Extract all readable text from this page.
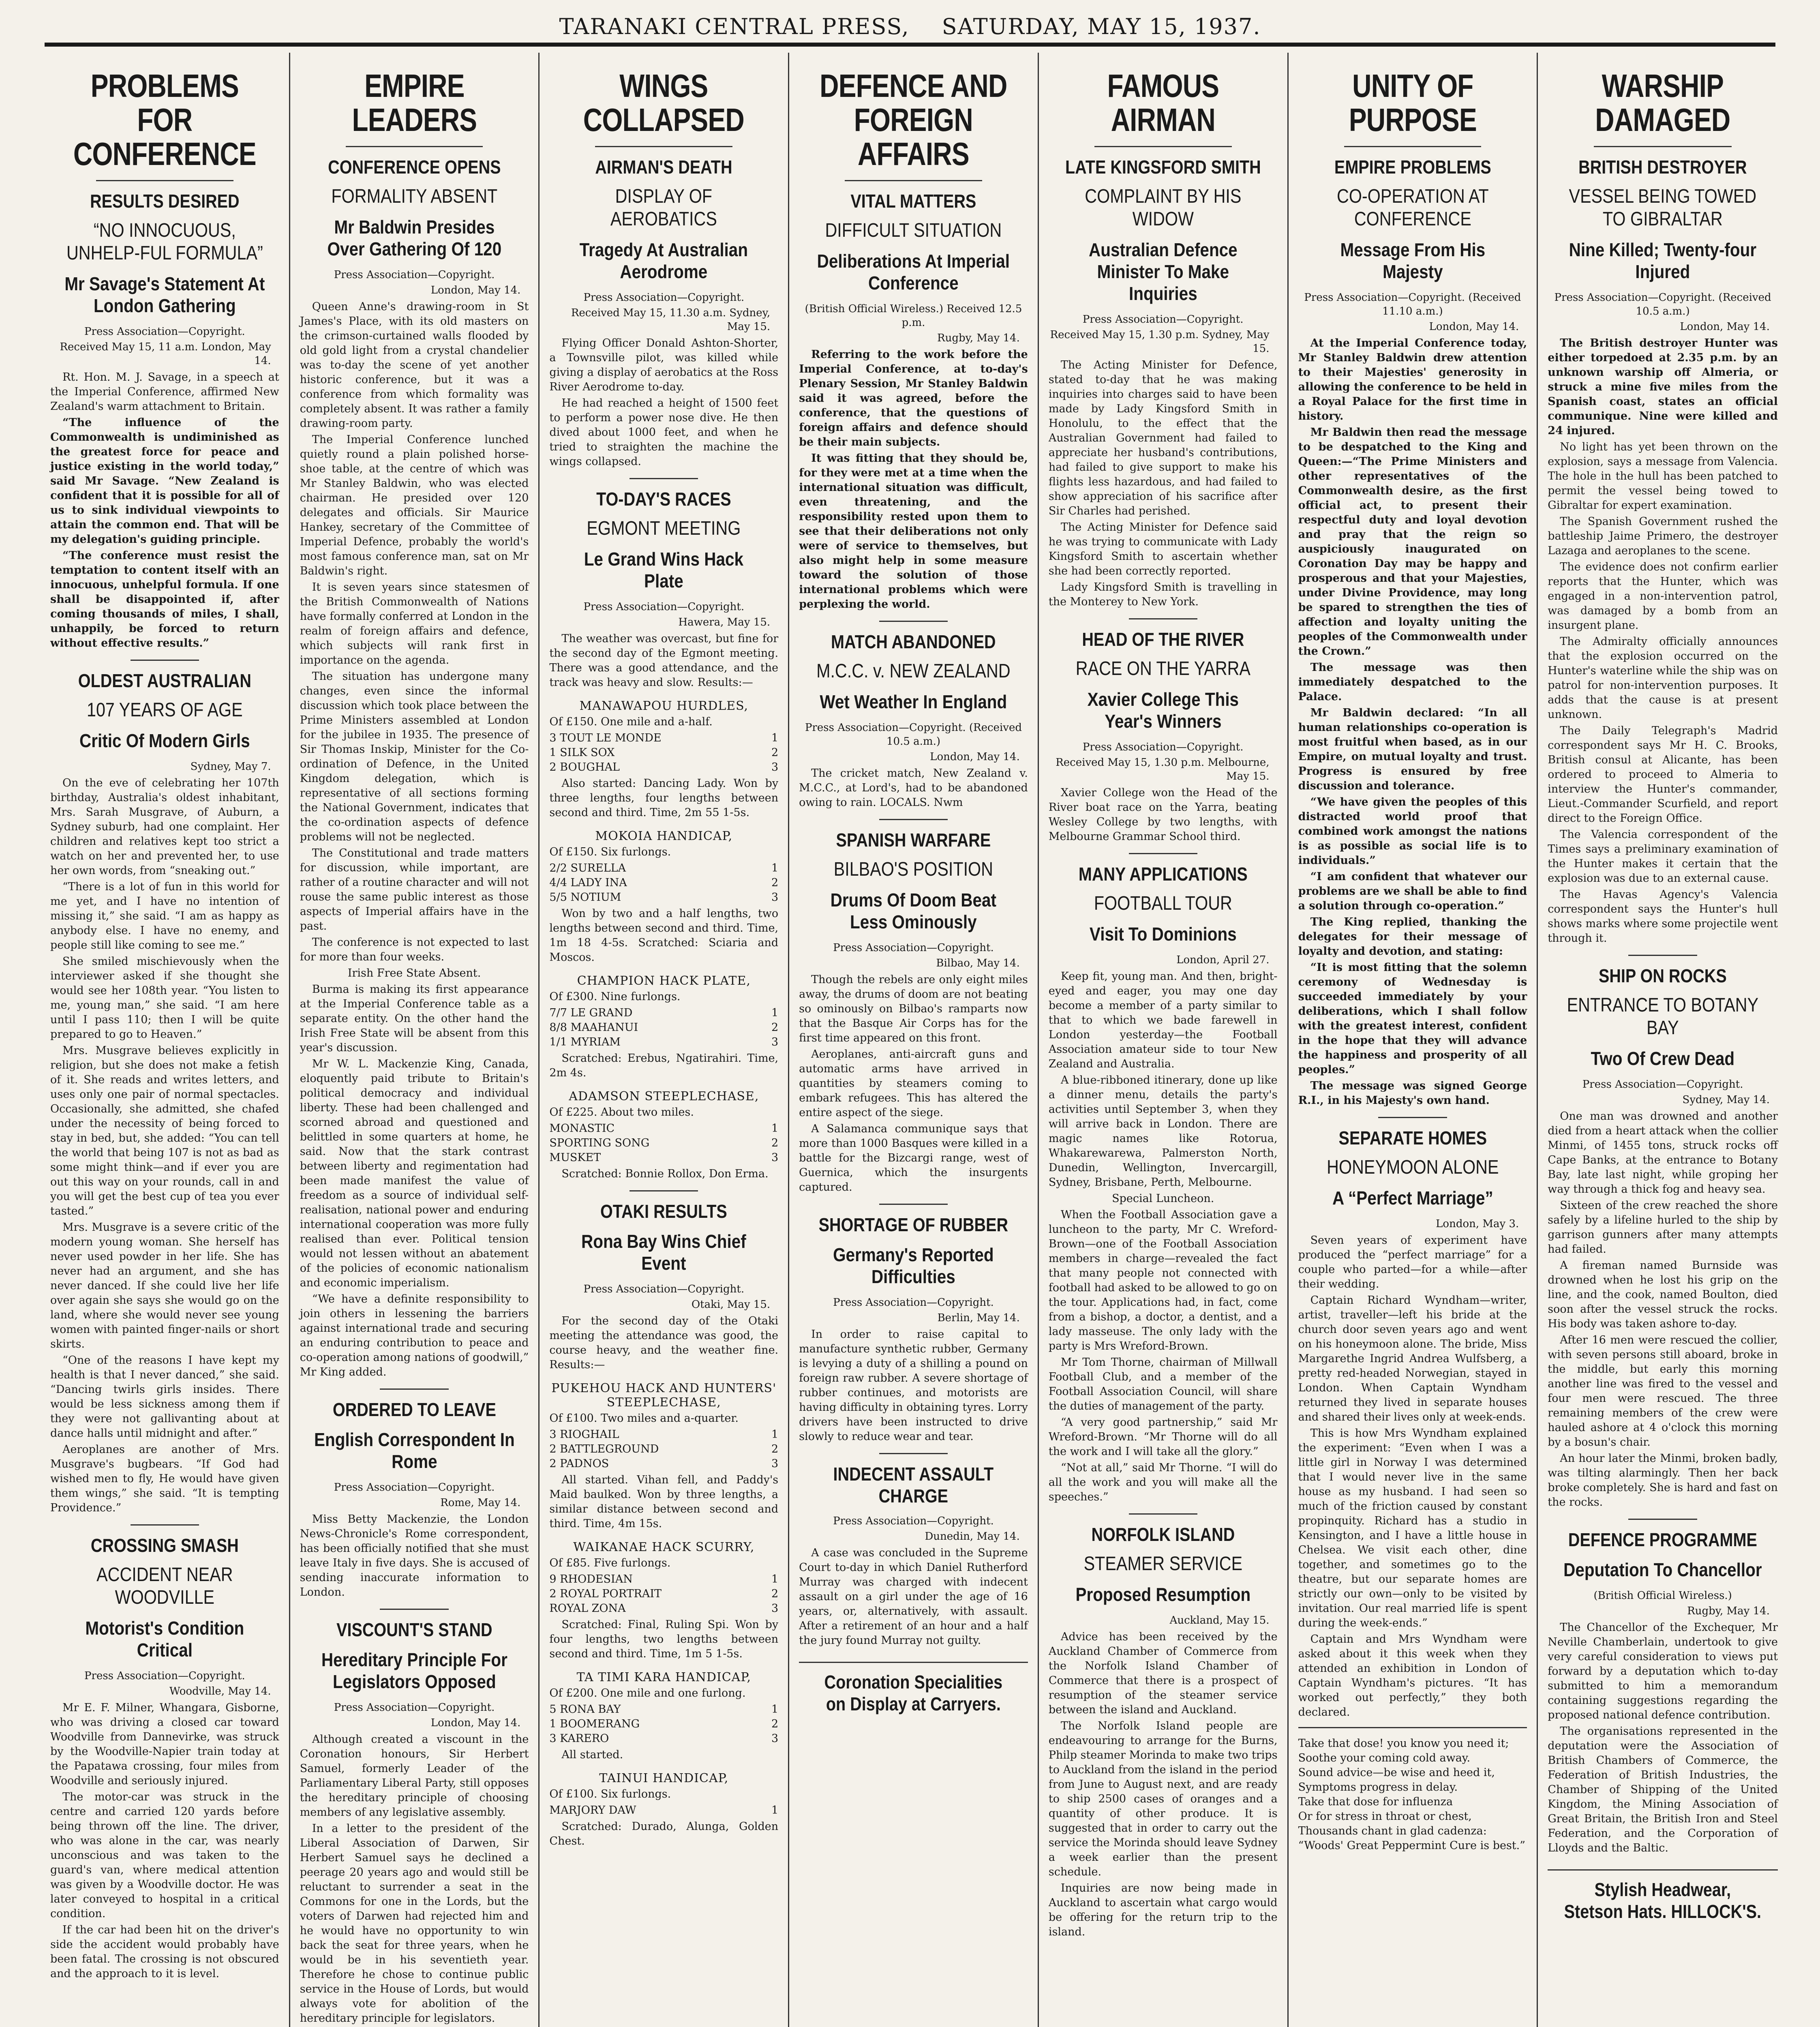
TARANAKI CENTRAL PRESS, SATURDAY, MAY 15, 1937.
PROBLEMS FOR CONFERENCE
RESULTS DESIRED
“NO INNOCUOUS, UNHELP-FUL FORMULA”
Mr Savage's Statement At London Gathering
Press Association—Copyright.
Received May 15, 11 a.m. London, May 14.

Rt. Hon. M. J. Savage, in a speech at the Imperial Conference, affirmed New Zealand's warm attachment to Britain.

“The influence of the Commonwealth is undiminished as the greatest force for peace and justice existing in the world today,” said Mr Savage. “New Zealand is confident that it is possible for all of us to sink individual viewpoints to attain the common end. That will be my delegation's guiding principle.

“The conference must resist the temptation to content itself with an innocuous, unhelpful formula. If one shall be disappointed if, after coming thousands of miles, I shall, unhappily, be forced to return without effective results.”

OLDEST AUSTRALIAN
107 YEARS OF AGE
Critic Of Modern Girls
Sydney, May 7.

On the eve of celebrating her 107th birthday, Australia's oldest inhabitant, Mrs. Sarah Musgrave, of Auburn, a Sydney suburb, had one complaint. Her children and relatives kept too strict a watch on her and prevented her, to use her own words, from “sneaking out.”

“There is a lot of fun in this world for me yet, and I have no intention of missing it,” she said. “I am as happy as anybody else. I have no enemy, and people still like coming to see me.”

She smiled mischievously when the interviewer asked if she thought she would see her 108th year. “You listen to me, young man,” she said. “I am here until I pass 110; then I will be quite prepared to go to Heaven.”

Mrs. Musgrave believes explicitly in religion, but she does not make a fetish of it. She reads and writes letters, and uses only one pair of normal spectacles. Occasionally, she admitted, she chafed under the necessity of being forced to stay in bed, but, she added: “You can tell the world that being 107 is not as bad as some might think—and if ever you are out this way on your rounds, call in and you will get the best cup of tea you ever tasted.”

Mrs. Musgrave is a severe critic of the modern young woman. She herself has never used powder in her life. She has never had an argument, and she has never danced. If she could live her life over again she says she would go on the land, where she would never see young women with painted finger-nails or short skirts.

“One of the reasons I have kept my health is that I never danced,” she said. “Dancing twirls girls insides. There would be less sickness among them if they were not gallivanting about at dance halls until midnight and after.”

Aeroplanes are another of Mrs. Musgrave's bugbears. “If God had wished men to fly, He would have given them wings,” she said. “It is tempting Providence.”

CROSSING SMASH
ACCIDENT NEAR WOODVILLE
Motorist's Condition Critical
Press Association—Copyright.
Woodville, May 14.

Mr E. F. Milner, Whangara, Gisborne, who was driving a closed car toward Woodville from Dannevirke, was struck by the Woodville-Napier train today at the Papatawa crossing, four miles from Woodville and seriously injured.

The motor-car was struck in the centre and carried 120 yards before being thrown off the line. The driver, who was alone in the car, was nearly unconscious and was taken to the guard's van, where medical attention was given by a Woodville doctor. He was later conveyed to hospital in a critical condition.

If the car had been hit on the driver's side the accident would probably have been fatal. The crossing is not obscured and the approach to it is level.

EMPIRE LEADERS
CONFERENCE OPENS
FORMALITY ABSENT
Mr Baldwin Presides Over Gathering Of 120
Press Association—Copyright.
London, May 14.

Queen Anne's drawing-room in St James's Place, with its old masters on the crimson-curtained walls flooded by old gold light from a crystal chandelier was to-day the scene of yet another historic conference, but it was a conference from which formality was completely absent. It was rather a family drawing-room party.

The Imperial Conference lunched quietly round a plain polished horse-shoe table, at the centre of which was Mr Stanley Baldwin, who was elected chairman. He presided over 120 delegates and officials. Sir Maurice Hankey, secretary of the Committee of Imperial Defence, probably the world's most famous conference man, sat on Mr Baldwin's right.

It is seven years since statesmen of the British Commonwealth of Nations have formally conferred at London in the realm of foreign affairs and defence, which subjects will rank first in importance on the agenda.

The situation has undergone many changes, even since the informal discussion which took place between the Prime Ministers assembled at London for the jubilee in 1935. The presence of Sir Thomas Inskip, Minister for the Co-ordination of Defence, in the United Kingdom delegation, which is representative of all sections forming the National Government, indicates that the co-ordination aspects of defence problems will not be neglected.

The Constitutional and trade matters for discussion, while important, are rather of a routine character and will not rouse the same public interest as those aspects of Imperial affairs have in the past.

The conference is not expected to last for more than four weeks.

Irish Free State Absent.

Burma is making its first appearance at the Imperial Conference table as a separate entity. On the other hand the Irish Free State will be absent from this year's discussion.

Mr W. L. Mackenzie King, Canada, eloquently paid tribute to Britain's political democracy and individual liberty. These had been challenged and scorned abroad and questioned and belittled in some quarters at home, he said. Now that the stark contrast between liberty and regimentation had been made manifest the value of freedom as a source of individual self-realisation, national power and enduring international cooperation was more fully realised than ever. Political tension would not lessen without an abatement of the policies of economic nationalism and economic imperialism.

“We have a definite responsibility to join others in lessening the barriers against international trade and securing an enduring contribution to peace and co-operation among nations of goodwill,” Mr King added.

ORDERED TO LEAVE
English Correspondent In Rome
Press Association—Copyright.
Rome, May 14.

Miss Betty Mackenzie, the London News-Chronicle's Rome correspondent, has been officially notified that she must leave Italy in five days. She is accused of sending inaccurate information to London.

VISCOUNT'S STAND
Hereditary Principle For Legislators Opposed
Press Association—Copyright.
London, May 14.

Although created a viscount in the Coronation honours, Sir Herbert Samuel, formerly Leader of the Parliamentary Liberal Party, still opposes the hereditary principle of choosing members of any legislative assembly.

In a letter to the president of the Liberal Association of Darwen, Sir Herbert Samuel says he declined a peerage 20 years ago and would still be reluctant to surrender a seat in the Commons for one in the Lords, but the voters of Darwen had rejected him and he would have no opportunity to win back the seat for three years, when he would be in his seventieth year. Therefore he chose to continue public service in the House of Lords, but would always vote for abolition of the hereditary principle for legislators.

WINGS COLLAPSED
AIRMAN'S DEATH
DISPLAY OF AEROBATICS
Tragedy At Australian Aerodrome
Press Association—Copyright.
Received May 15, 11.30 a.m. Sydney, May 15.

Flying Officer Donald Ashton-Shorter, a Townsville pilot, was killed while giving a display of aerobatics at the Ross River Aerodrome to-day.

He had reached a height of 1500 feet to perform a power nose dive. He then dived about 1000 feet, and when he tried to straighten the machine the wings collapsed.

TO-DAY'S RACES
EGMONT MEETING
Le Grand Wins Hack Plate
Press Association—Copyright.
Hawera, May 15.

The weather was overcast, but fine for the second day of the Egmont meeting. There was a good attendance, and the track was heavy and slow. Results:—

MANAWAPOU HURDLES,

Of £150. One mile and a-half.

3 TOUT LE MONDE	1
1 SILK SOX	2
2 BOUGHAL	3

Also started: Dancing Lady. Won by three lengths, four lengths between second and third. Time, 2m 55 1-5s.

MOKOIA HANDICAP,

Of £150. Six furlongs.

2/2 SURELLA	1
4/4 LADY INA	2
5/5 NOTIUM	3

Won by two and a half lengths, two lengths between second and third. Time, 1m 18 4-5s. Scratched: Sciaria and Moscos.

CHAMPION HACK PLATE,

Of £300. Nine furlongs.

7/7 LE GRAND	1
8/8 MAAHANUI	2
1/1 MYRIAM	3

Scratched: Erebus, Ngatirahiri. Time, 2m 4s.

ADAMSON STEEPLECHASE,

Of £225. About two miles.

MONASTIC	1
SPORTING SONG	2
MUSKET	3

Scratched: Bonnie Rollox, Don Erma.

OTAKI RESULTS
Rona Bay Wins Chief Event
Press Association—Copyright.
Otaki, May 15.

For the second day of the Otaki meeting the attendance was good, the course heavy, and the weather fine. Results:—

PUKEHOU HACK AND HUNTERS' STEEPLECHASE,

Of £100. Two miles and a-quarter.

3 RIOGHAIL	1
2 BATTLEGROUND	2
2 PADNOS	3

All started. Vihan fell, and Paddy's Maid baulked. Won by three lengths, a similar distance between second and third. Time, 4m 15s.

WAIKANAE HACK SCURRY,

Of £85. Five furlongs.

9 RHODESIAN	1
2 ROYAL PORTRAIT	2
ROYAL ZONA	3

Scratched: Final, Ruling Spi. Won by four lengths, two lengths between second and third. Time, 1m 5 1-5s.

TA TIMI KARA HANDICAP,

Of £200. One mile and one furlong.

5 RONA BAY	1
1 BOOMERANG	2
3 KARERO	3

All started.

TAINUI HANDICAP,

Of £100. Six furlongs.

MARJORY DAW	1

Scratched: Durado, Alunga, Golden Chest.

DEFENCE AND FOREIGN AFFAIRS
VITAL MATTERS
DIFFICULT SITUATION
Deliberations At Imperial Conference
(British Official Wireless.) Received 12.5 p.m.
Rugby, May 14.

Referring to the work before the Imperial Conference, at to-day's Plenary Session, Mr Stanley Baldwin said it was agreed, before the conference, that the questions of foreign affairs and defence should be their main subjects.

It was fitting that they should be, for they were met at a time when the international situation was difficult, even threatening, and the responsibility rested upon them to see that their deliberations not only were of service to themselves, but also might help in some measure toward the solution of those international problems which were perplexing the world.

MATCH ABANDONED
M.C.C. v. NEW ZEALAND
Wet Weather In England
Press Association—Copyright. (Received 10.5 a.m.)
London, May 14.

The cricket match, New Zealand v. M.C.C., at Lord's, had to be abandoned owing to rain. LOCALS. Nwm

SPANISH WARFARE
BILBAO'S POSITION
Drums Of Doom Beat Less Ominously
Press Association—Copyright.
Bilbao, May 14.

Though the rebels are only eight miles away, the drums of doom are not beating so ominously on Bilbao's ramparts now that the Basque Air Corps has for the first time appeared on this front.

Aeroplanes, anti-aircraft guns and automatic arms have arrived in quantities by steamers coming to embark refugees. This has altered the entire aspect of the siege.

A Salamanca communique says that more than 1000 Basques were killed in a battle for the Bizcargi range, west of Guernica, which the insurgents captured.

SHORTAGE OF RUBBER
Germany's Reported Difficulties
Press Association—Copyright.
Berlin, May 14.

In order to raise capital to manufacture synthetic rubber, Germany is levying a duty of a shilling a pound on foreign raw rubber. A severe shortage of rubber continues, and motorists are having difficulty in obtaining tyres. Lorry drivers have been instructed to drive slowly to reduce wear and tear.

INDECENT ASSAULT CHARGE
Press Association—Copyright.
Dunedin, May 14.

A case was concluded in the Supreme Court to-day in which Daniel Rutherford Murray was charged with indecent assault on a girl under the age of 16 years, or, alternatively, with assault. After a retirement of an hour and a half the jury found Murray not guilty.

Coronation Specialities on Display at Carryers.
FAMOUS AIRMAN
LATE KINGSFORD SMITH
COMPLAINT BY HIS WIDOW
Australian Defence Minister To Make Inquiries
Press Association—Copyright.
Received May 15, 1.30 p.m. Sydney, May 15.

The Acting Minister for Defence, stated to-day that he was making inquiries into charges said to have been made by Lady Kingsford Smith in Honolulu, to the effect that the Australian Government had failed to appreciate her husband's contributions, had failed to give support to make his flights less hazardous, and had failed to show appreciation of his sacrifice after Sir Charles had perished.

The Acting Minister for Defence said he was trying to communicate with Lady Kingsford Smith to ascertain whether she had been correctly reported.

Lady Kingsford Smith is travelling in the Monterey to New York.

HEAD OF THE RIVER
RACE ON THE YARRA
Xavier College This Year's Winners
Press Association—Copyright.
Received May 15, 1.30 p.m. Melbourne, May 15.

Xavier College won the Head of the River boat race on the Yarra, beating Wesley College by two lengths, with Melbourne Grammar School third.

MANY APPLICATIONS
FOOTBALL TOUR
Visit To Dominions
London, April 27.

Keep fit, young man. And then, bright-eyed and eager, you may one day become a member of a party similar to that to which we bade farewell in London yesterday—the Football Association amateur side to tour New Zealand and Australia.

A blue-ribboned itinerary, done up like a dinner menu, details the party's activities until September 3, when they will arrive back in London. There are magic names like Rotorua, Whakarewarewa, Palmerston North, Dunedin, Wellington, Invercargill, Sydney, Brisbane, Perth, Melbourne.

Special Luncheon.

When the Football Association gave a luncheon to the party, Mr C. Wreford-Brown—one of the Football Association members in charge—revealed the fact that many people not connected with football had asked to be allowed to go on the tour. Applications had, in fact, come from a bishop, a doctor, a dentist, and a lady masseuse. The only lady with the party is Mrs Wreford-Brown.

Mr Tom Thorne, chairman of Millwall Football Club, and a member of the Football Association Council, will share the duties of management of the party.

“A very good partnership,” said Mr Wreford-Brown. “Mr Thorne will do all the work and I will take all the glory.”

“Not at all,” said Mr Thorne. “I will do all the work and you will make all the speeches.”

NORFOLK ISLAND
STEAMER SERVICE
Proposed Resumption
Auckland, May 15.

Advice has been received by the Auckland Chamber of Commerce from the Norfolk Island Chamber of Commerce that there is a prospect of resumption of the steamer service between the island and Auckland.

The Norfolk Island people are endeavouring to arrange for the Burns, Philp steamer Morinda to make two trips to Auckland from the island in the period from June to August next, and are ready to ship 2500 cases of oranges and a quantity of other produce. It is suggested that in order to carry out the service the Morinda should leave Sydney a week earlier than the present schedule.

Inquiries are now being made in Auckland to ascertain what cargo would be offering for the return trip to the island.

UNITY OF PURPOSE
EMPIRE PROBLEMS
CO-OPERATION AT CONFERENCE
Message From His Majesty
Press Association—Copyright. (Received 11.10 a.m.)
London, May 14.

At the Imperial Conference today, Mr Stanley Baldwin drew attention to their Majesties' generosity in allowing the conference to be held in a Royal Palace for the first time in history.

Mr Baldwin then read the message to be despatched to the King and Queen:—“The Prime Ministers and other representatives of the Commonwealth desire, as the first official act, to present their respectful duty and loyal devotion and pray that the reign so auspiciously inaugurated on Coronation Day may be happy and prosperous and that your Majesties, under Divine Providence, may long be spared to strengthen the ties of affection and loyalty uniting the peoples of the Commonwealth under the Crown.”

The message was then immediately despatched to the Palace.

Mr Baldwin declared: “In all human relationships co-operation is most fruitful when based, as in our Empire, on mutual loyalty and trust. Progress is ensured by free discussion and tolerance.

“We have given the peoples of this distracted world proof that combined work amongst the nations is as possible as social life is to individuals.”

“I am confident that whatever our problems are we shall be able to find a solution through co-operation.”

The King replied, thanking the delegates for their message of loyalty and devotion, and stating:

“It is most fitting that the solemn ceremony of Wednesday is succeeded immediately by your deliberations, which I shall follow with the greatest interest, confident in the hope that they will advance the happiness and prosperity of all peoples.”

The message was signed George R.I., in his Majesty's own hand.

SEPARATE HOMES
HONEYMOON ALONE
A “Perfect Marriage”
London, May 3.

Seven years of experiment have produced the “perfect marriage” for a couple who parted—for a while—after their wedding.

Captain Richard Wyndham—writer, artist, traveller—left his bride at the church door seven years ago and went on his honeymoon alone. The bride, Miss Margarethe Ingrid Andrea Wulfsberg, a pretty red-headed Norwegian, stayed in London. When Captain Wyndham returned they lived in separate houses and shared their lives only at week-ends.

This is how Mrs Wyndham explained the experiment: “Even when I was a little girl in Norway I was determined that I would never live in the same house as my husband. I had seen so much of the friction caused by constant propinquity. Richard has a studio in Kensington, and I have a little house in Chelsea. We visit each other, dine together, and sometimes go to the theatre, but our separate homes are strictly our own—only to be visited by invitation. Our real married life is spent during the week-ends.”

Captain and Mrs Wyndham were asked about it this week when they attended an exhibition in London of Captain Wyndham's pictures. “It has worked out perfectly,” they both declared.

Take that dose! you know you need it;
Soothe your coming cold away.
Sound advice—be wise and heed it,
Symptoms progress in delay.
Take that dose for influenza
Or for stress in throat or chest,
Thousands chant in glad cadenza:
“Woods' Great Peppermint Cure is best.”
WARSHIP DAMAGED
BRITISH DESTROYER
VESSEL BEING TOWED TO GIBRALTAR
Nine Killed; Twenty-four Injured
Press Association—Copyright. (Received 10.5 a.m.)
London, May 14.

The British destroyer Hunter was either torpedoed at 2.35 p.m. by an unknown warship off Almeria, or struck a mine five miles from the Spanish coast, states an official communique. Nine were killed and 24 injured.

No light has yet been thrown on the explosion, says a message from Valencia. The hole in the hull has been patched to permit the vessel being towed to Gibraltar for expert examination.

The Spanish Government rushed the battleship Jaime Primero, the destroyer Lazaga and aeroplanes to the scene.

The evidence does not confirm earlier reports that the Hunter, which was engaged in a non-intervention patrol, was damaged by a bomb from an insurgent plane.

The Admiralty officially announces that the explosion occurred on the Hunter's waterline while the ship was on patrol for non-intervention purposes. It adds that the cause is at present unknown.

The Daily Telegraph's Madrid correspondent says Mr H. C. Brooks, British consul at Alicante, has been ordered to proceed to Almeria to interview the Hunter's commander, Lieut.-Commander Scurfield, and report direct to the Foreign Office.

The Valencia correspondent of the Times says a preliminary examination of the Hunter makes it certain that the explosion was due to an external cause.

The Havas Agency's Valencia correspondent says the Hunter's hull shows marks where some projectile went through it.

SHIP ON ROCKS
ENTRANCE TO BOTANY BAY
Two Of Crew Dead
Press Association—Copyright.
Sydney, May 14.

One man was drowned and another died from a heart attack when the collier Minmi, of 1455 tons, struck rocks off Cape Banks, at the entrance to Botany Bay, late last night, while groping her way through a thick fog and heavy sea.

Sixteen of the crew reached the shore safely by a lifeline hurled to the ship by garrison gunners after many attempts had failed.

A fireman named Burnside was drowned when he lost his grip on the line, and the cook, named Boulton, died soon after the vessel struck the rocks. His body was taken ashore to-day.

After 16 men were rescued the collier, with seven persons still aboard, broke in the middle, but early this morning another line was fired to the vessel and four men were rescued. The three remaining members of the crew were hauled ashore at 4 o'clock this morning by a bosun's chair.

An hour later the Minmi, broken badly, was tilting alarmingly. Then her back broke completely. She is hard and fast on the rocks.

DEFENCE PROGRAMME
Deputation To Chancellor
(British Official Wireless.)
Rugby, May 14.

The Chancellor of the Exchequer, Mr Neville Chamberlain, undertook to give very careful consideration to views put forward by a deputation which to-day submitted to him a memorandum containing suggestions regarding the proposed national defence contribution.

The organisations represented in the deputation were the Association of British Chambers of Commerce, the Federation of British Industries, the Chamber of Shipping of the United Kingdom, the Mining Association of Great Britain, the British Iron and Steel Federation, and the Corporation of Lloyds and the Baltic.

Stylish Headwear, Stetson Hats. HILLOCK'S.
